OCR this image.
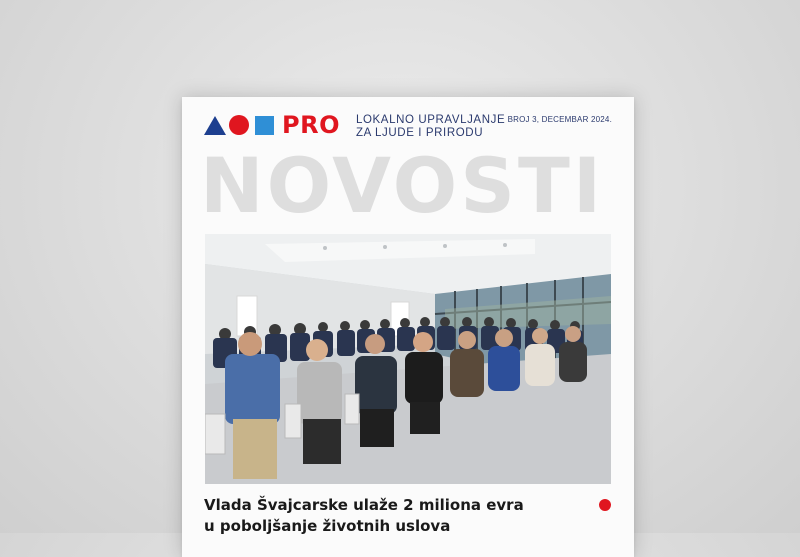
PRO LOKALNO UPRAVLJANJE
ZA LJUDE I PRIRODU
BROJ 3, DECEMBAR 2024.
NOVOSTI
Vlada Švajcarske ulaže 2 miliona evra
u poboljšanje životnih uslova
